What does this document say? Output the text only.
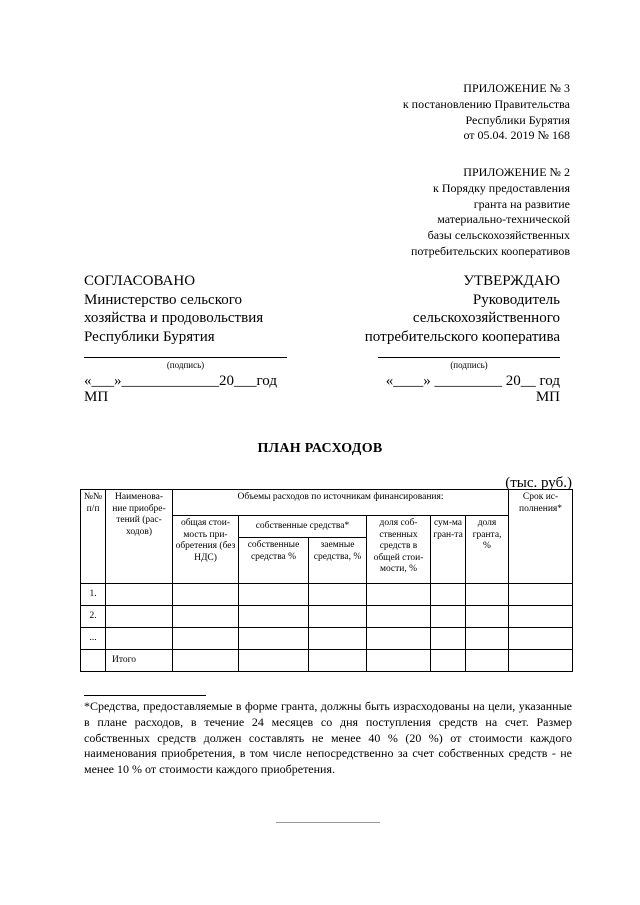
ПРИЛОЖЕНИЕ № 3
к постановлению Правительства
Республики Бурятия
от 05.04. 2019 № 168
ПРИЛОЖЕНИЕ № 2
к Порядку предоставления
гранта на развитие
материально-технической
базы сельскохозяйственных
потребительских кооперативов
СОГЛАСОВАНО
Министерство сельского
хозяйства и продовольствия
Республики Бурятия
(подпись)
«___»_____________20___год
МП
УТВЕРЖДАЮ
Руководитель
сельскохозяйственного
потребительского кооператива
(подпись)
«____» _________ 20__ год
МП
ПЛАН РАСХОДОВ
(тыс. руб.)
№№ п/п	Наименова-ние приобре-тений (рас-ходов)	Объемы расходов по источникам финансирования:						Срок ис-полнения*
		общая стои-мость при-обретения (без НДС)	собственные средства*		доля соб-ственных средств в общей стои-мости, %	сум-ма гран-та	доля гранта, %	
			собственные средства %	заемные средства, %				
1.								
2.								
...								
	Итого							
*Средства, предоставляемые в форме гранта, должны быть израсходованы на цели, указанные в плане расходов, в течение 24 месяцев со дня поступления средств на счет. Размер собственных средств должен составлять не менее 40 % (20 %) от стоимости каждого наименования приобретения, в том числе непосредственно за счет собственных средств - не менее 10 % от стоимости каждого приобретения.
